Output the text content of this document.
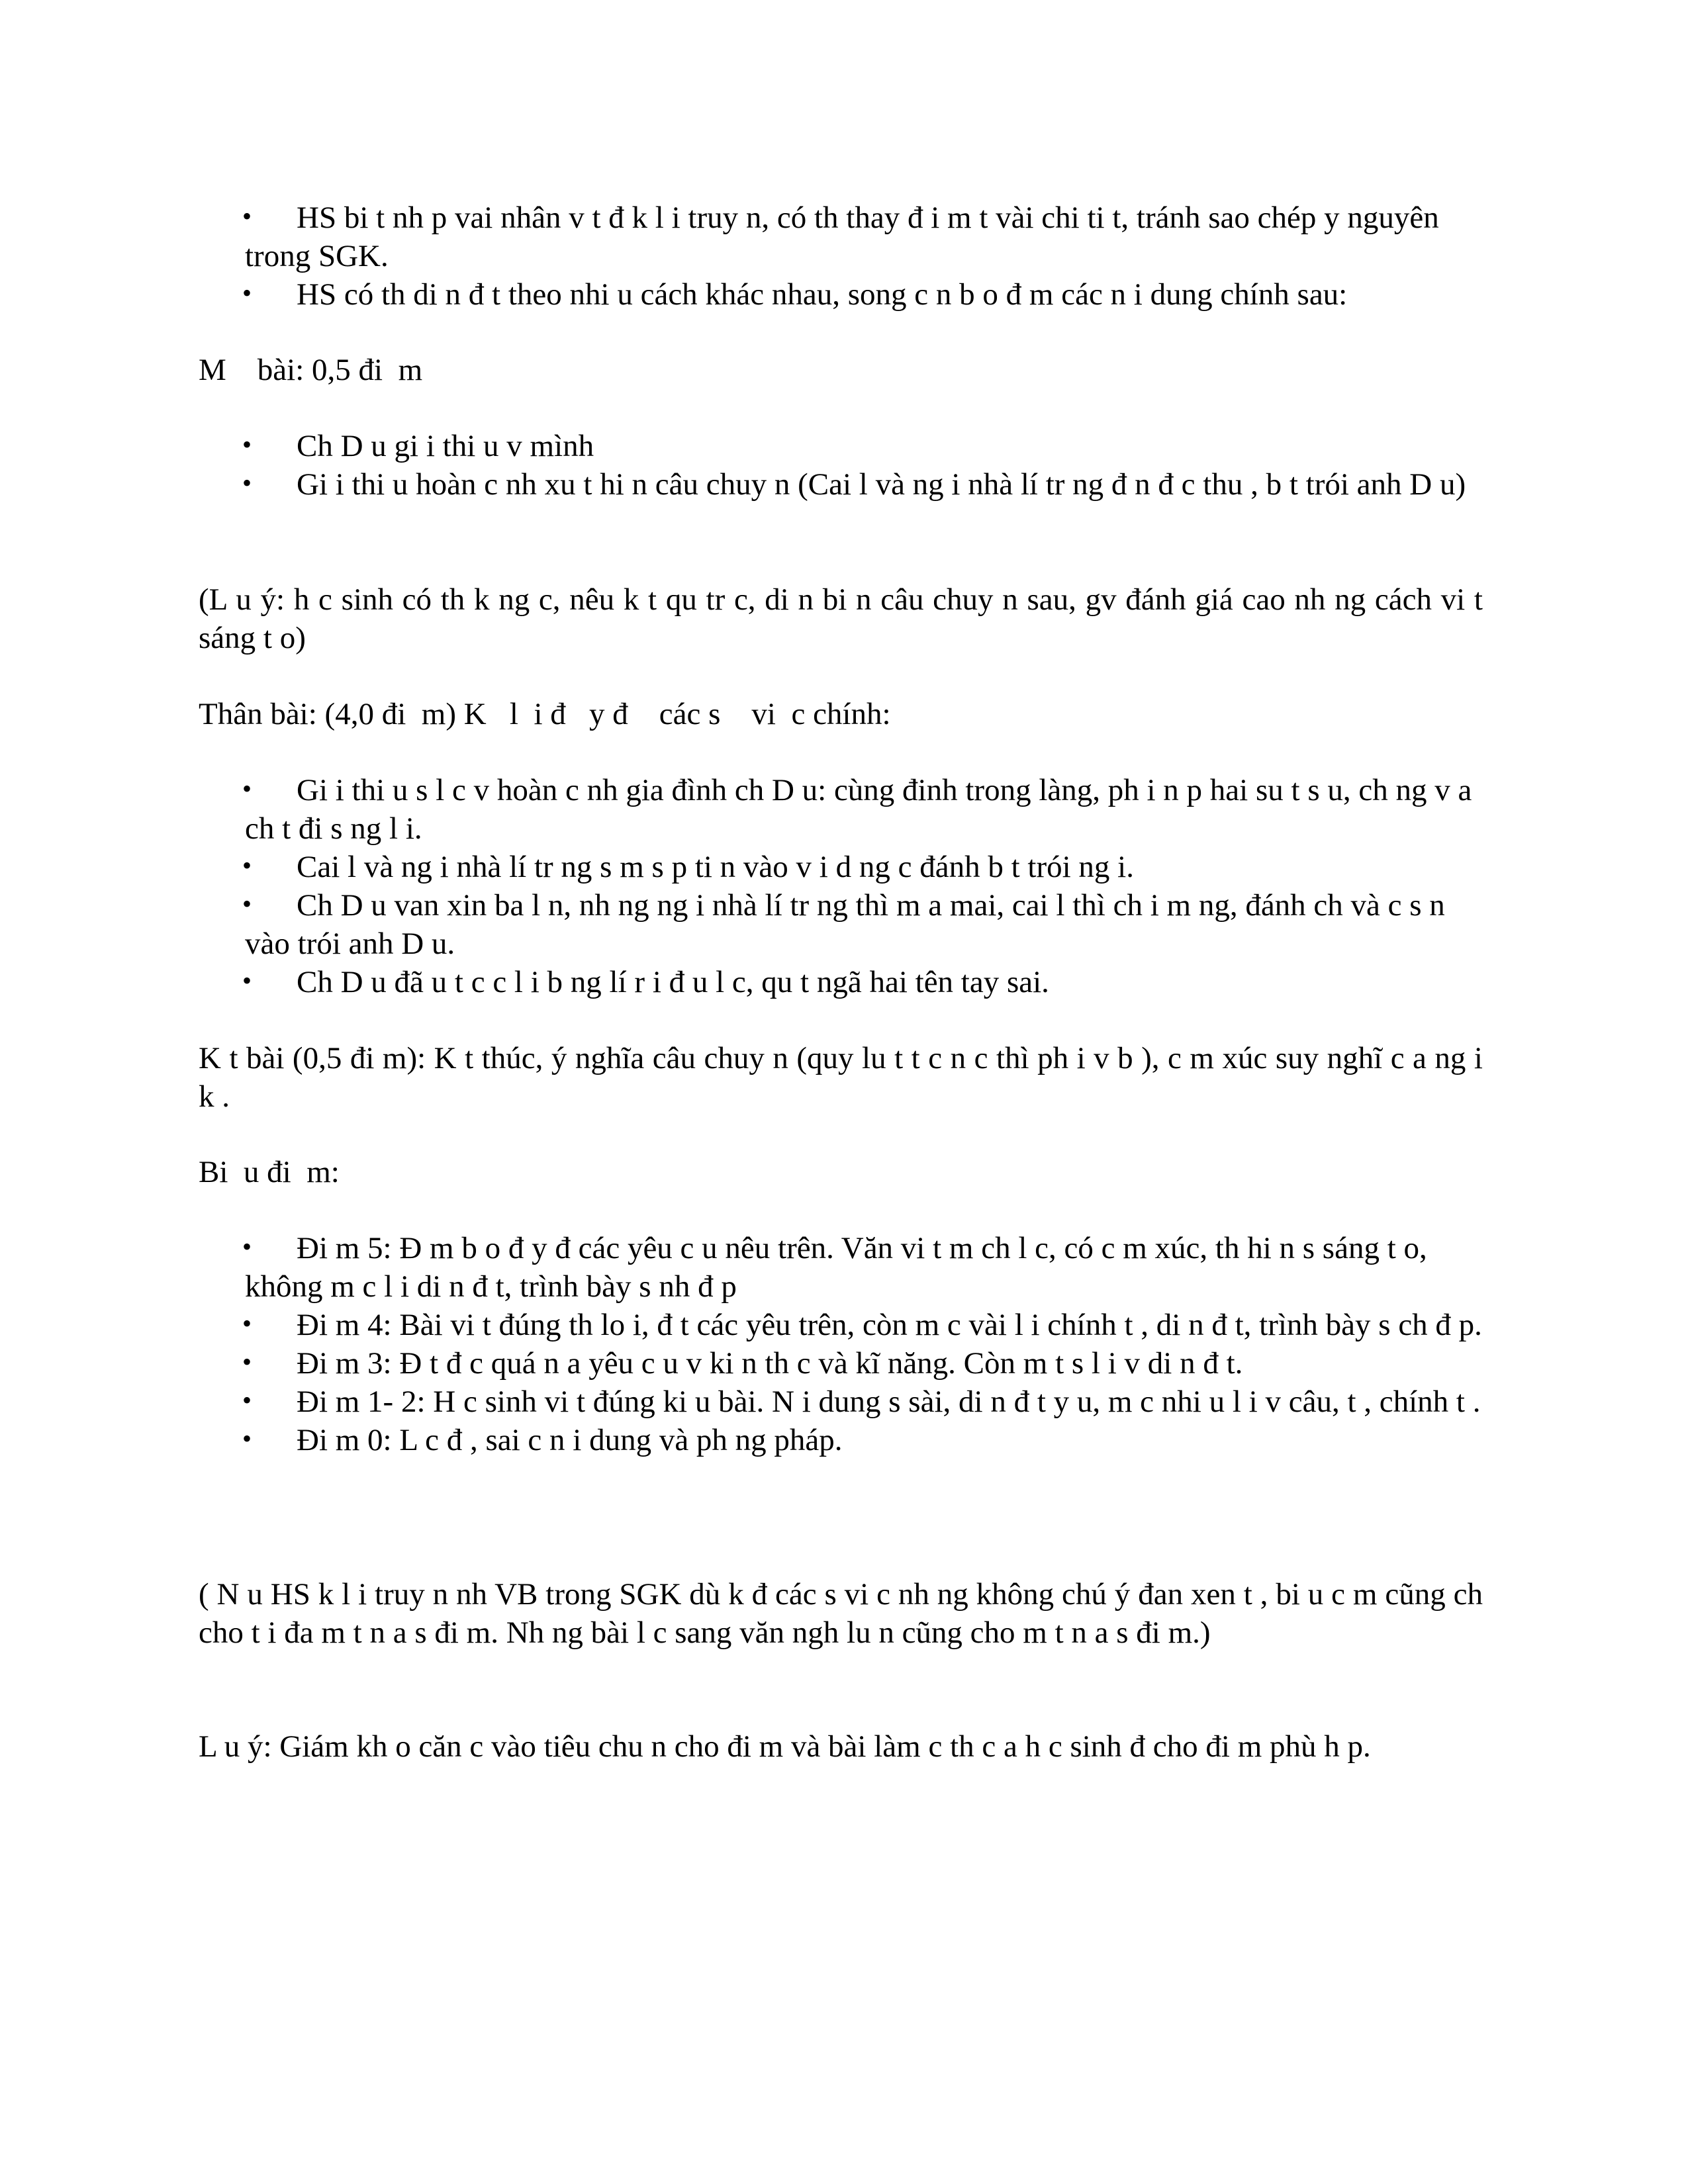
HS bi t nh p vai nhân v t đ k l i truy n, có th thay đ i m t vài chi ti t, tránh sao chép y nguyên trong SGK.
HS có th di n đ t theo nhi u cách khác nhau, song c n b o đ m các n i dung chính sau:

M    bài: 0,5 đi  m

Ch D u gi i thi u v mình
Gi i thi u hoàn c nh xu t hi n câu chuy n (Cai l và ng i nhà lí tr ng đ n đ c thu , b t trói anh D u)

(L u ý: h c sinh có th k ng c, nêu k t qu tr c, di n bi n câu chuy n sau, gv đánh giá cao nh ng cách vi t sáng t o)

Thân bài: (4,0 đi  m) K   l  i đ   y đ    các s    vi  c chính:

Gi i thi u s l c v hoàn c nh gia đình ch D u: cùng đinh trong làng, ph i n p hai su t s u, ch ng v a ch t đi s ng l i.
Cai l và ng i nhà lí tr ng s m s p ti n vào v i d ng c đánh b t trói ng i.
Ch D u van xin ba l n, nh ng ng i nhà lí tr ng thì m a mai, cai l thì ch i m ng, đánh ch và c s n vào trói anh D u.
Ch D u đã u t c c l i b ng lí r i đ u l c, qu t ngã hai tên tay sai.

K t bài (0,5 đi m): K t thúc, ý nghĩa câu chuy n (quy lu t t c n c thì ph i v b ), c m xúc suy nghĩ c a ng i k .

Bi  u đi  m:

Đi m 5: Đ m b o đ y đ các yêu c u nêu trên. Văn vi t m ch l c, có c m xúc, th hi n s sáng t o, không m c l i di n đ t, trình bày s nh đ p
Đi m 4: Bài vi t đúng th lo i, đ t các yêu trên, còn m c vài l i chính t , di n đ t, trình bày s ch đ p.
Đi m 3: Đ t đ c quá n a yêu c u v ki n th c và kĩ năng. Còn m t s l i v di n đ t.
Đi m 1- 2: H c sinh vi t đúng ki u bài. N i dung s sài, di n đ t y u, m c nhi u l i v câu, t , chính t .
Đi m 0: L c đ , sai c n i dung và ph ng pháp.

( N u HS k l i truy n nh VB trong SGK dù k đ các s vi c nh ng không chú ý đan xen t , bi u c m cũng ch cho t i đa m t n a s đi m. Nh ng bài l c sang văn ngh lu n cũng cho m t n a s đi m.)

L u ý: Giám kh o căn c vào tiêu chu n cho đi m và bài làm c th c a h c sinh đ cho đi m phù h p.
